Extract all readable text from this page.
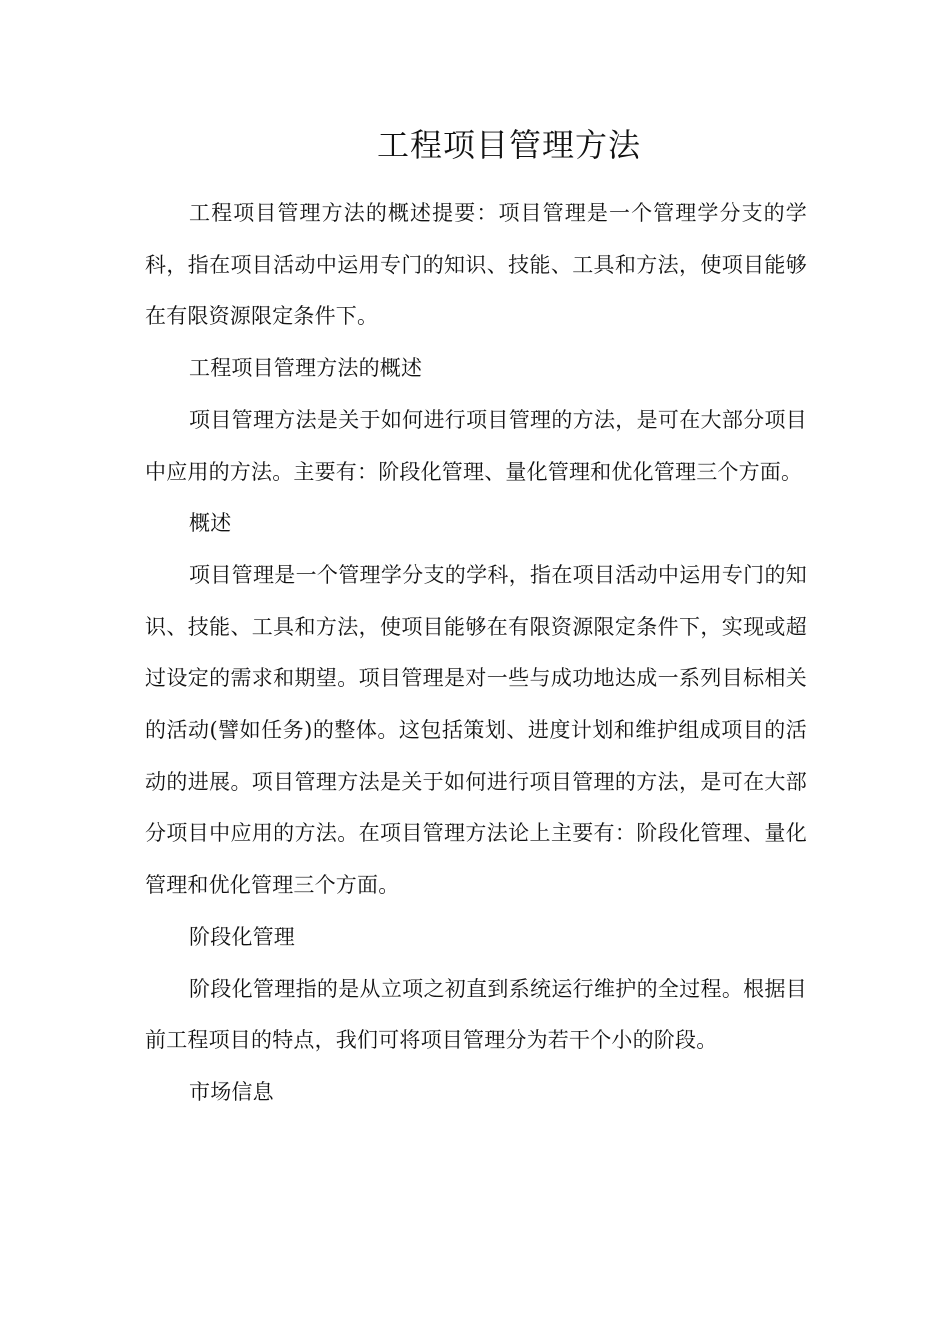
工程项目管理方法

工程项目管理方法的概述提要：项目管理是一个管理学分支的学科，指在项目活动中运用专门的知识、技能、工具和方法，使项目能够在有限资源限定条件下。

工程项目管理方法的概述

项目管理方法是关于如何进行项目管理的方法，是可在大部分项目中应用的方法。主要有：阶段化管理、量化管理和优化管理三个方面。

概述

项目管理是一个管理学分支的学科，指在项目活动中运用专门的知识、技能、工具和方法，使项目能够在有限资源限定条件下，实现或超过设定的需求和期望。项目管理是对一些与成功地达成一系列目标相关的活动(譬如任务)的整体。这包括策划、进度计划和维护组成项目的活动的进展。项目管理方法是关于如何进行项目管理的方法，是可在大部分项目中应用的方法。在项目管理方法论上主要有：阶段化管理、量化管理和优化管理三个方面。

阶段化管理

阶段化管理指的是从立项之初直到系统运行维护的全过程。根据目前工程项目的特点，我们可将项目管理分为若干个小的阶段。

市场信息
